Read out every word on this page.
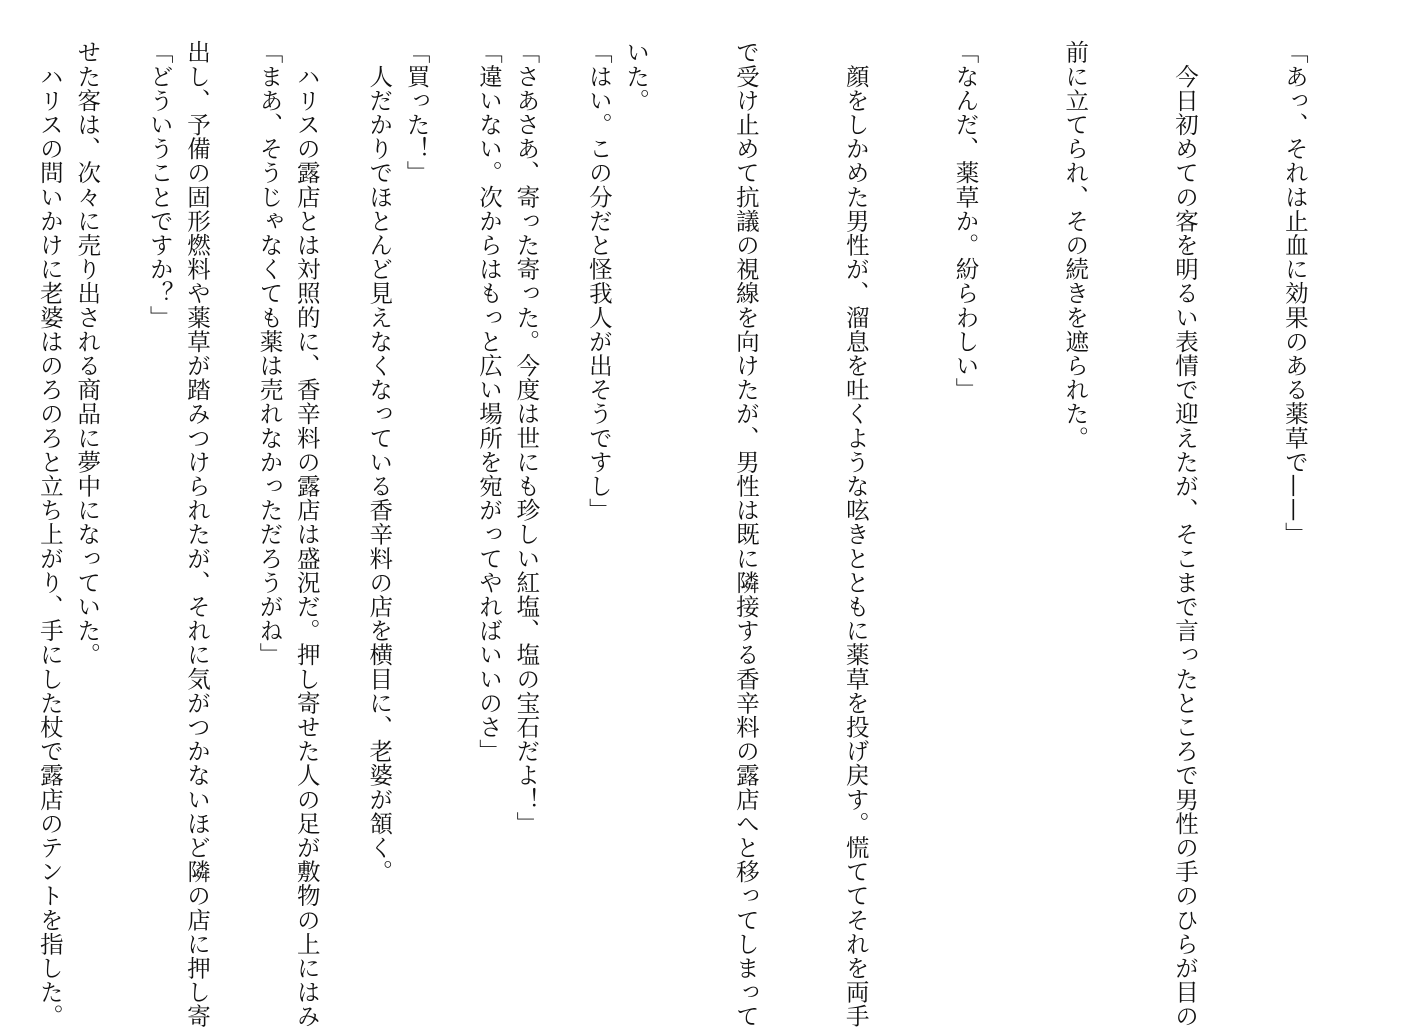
「あっ、それは止血に効果のある薬草で——」

　今日初めての客を明るい表情で迎えたが、そこまで言ったところで男性の手のひらが目の

前に立てられ、その続きを遮られた。

「なんだ、薬草か。紛らわしい」

　顔をしかめた男性が、溜息を吐くような呟きとともに薬草を投げ戻す。慌ててそれを両手

で受け止めて抗議の視線を向けたが、男性は既に隣接する香辛料の露店へと移ってしまって

いた。

「さあさあ、寄った寄った。今度は世にも珍しい紅塩、塩の宝石だよ！」

「買った！」

　ハリスの露店とは対照的に、香辛料の露店は盛況だ。押し寄せた人の足が敷物の上にはみ

出し、予備の固形燃料や薬草が踏みつけられたが、それに気がつかないほど隣の店に押し寄

せた客は、次々に売り出される商品に夢中になっていた。

	「はい。この分だと怪我人が出そうですし」

「違いない。次からはもっと広い場所を宛がってやればいいのさ」

　人だかりでほとんど見えなくなっている香辛料の店を横目に、老婆が頷く。

「まあ、そうじゃなくても薬は売れなかっただろうがね」

「どういうことですか？」

　ハリスの問いかけに老婆はのろのろと立ち上がり、手にした杖で露店のテントを指した。
